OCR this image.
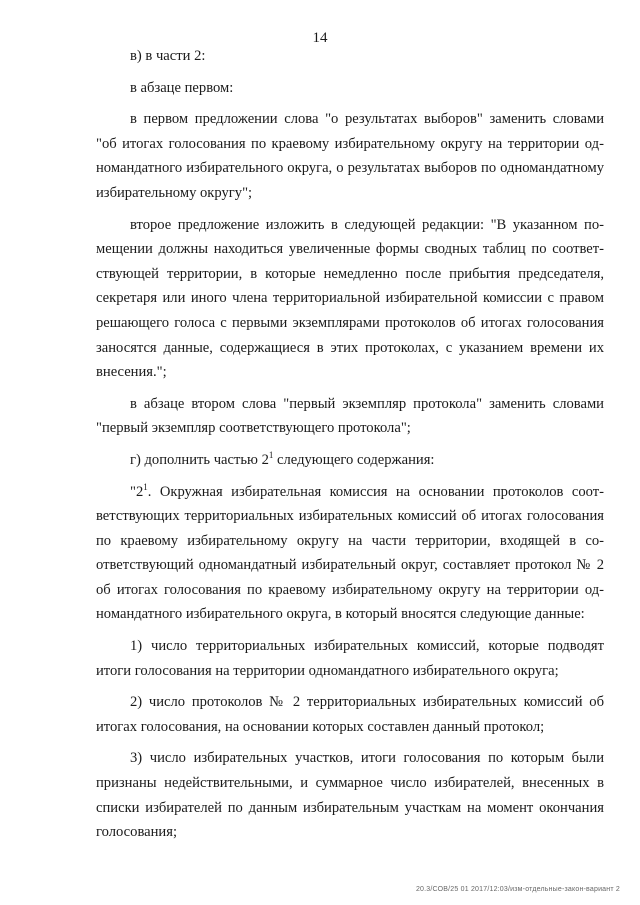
14

в) в части 2:

в абзаце первом:

в первом предложении слова "о результатах выборов" заменить словами "об итогах голосования по краевому избирательному округу на территории одномандатного избирательного округа, о результатах выборов по одномандатному избирательному округу";

второе предложение изложить в следующей редакции: "В указанном помещении должны находиться увеличенные формы сводных таблиц по соответствующей территории, в которые немедленно после прибытия председателя, секретаря или иного члена территориальной избирательной комиссии с правом решающего голоса с первыми экземплярами протоколов об итогах голосования заносятся данные, содержащиеся в этих протоколах, с указанием времени их внесения.";

в абзаце втором слова "первый экземпляр протокола" заменить словами "первый экземпляр соответствующего протокола";

г) дополнить частью $2^1$ следующего содержания:

"$2^1$. Окружная избирательная комиссия на основании протоколов соответствующих территориальных избирательных комиссий об итогах голосования по краевому избирательному округу на части территории, входящей в соответствующий одномандатный избирательный округ, составляет протокол № 2 об итогах голосования по краевому избирательному округу на территории одномандатного избирательного округа, в который вносятся следующие данные:

1) число территориальных избирательных комиссий, которые подводят итоги голосования на территории одномандатного избирательного округа;

2) число протоколов № 2 территориальных избирательных комиссий об итогах голосования, на основании которых составлен данный протокол;

3) число избирательных участков, итоги голосования по которым были признаны недействительными, и суммарное число избирателей, внесенных в списки избирателей по данным избирательным участкам на момент окончания голосования;

20.3/СОВ/25 01 2017/12:03/изм-отдельные-закон-вариант 2
